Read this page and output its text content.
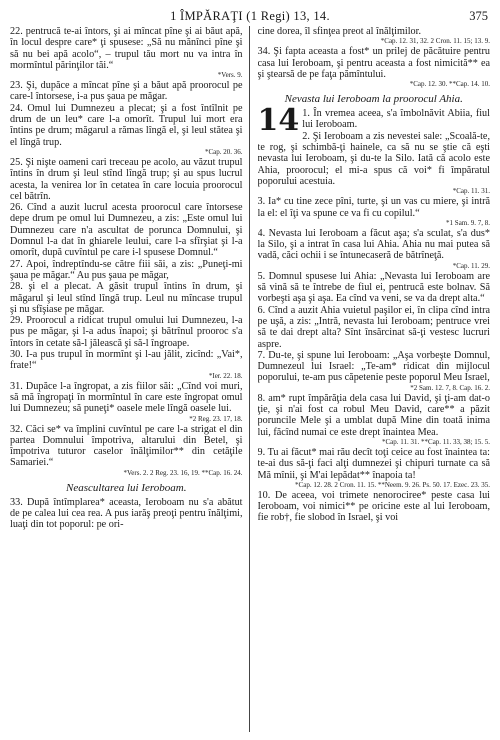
1 ÎMPĂRAŢI (1 Regi) 13, 14.	375

22. pentrucă te-ai întors, şi ai mîncat pîne şi ai băut apă, în locul despre care* ţi spusese: „Să nu mănînci pîne şi să nu bei apă acolo“, – trupul tău mort nu va intra în mormîntul părinţilor tăi.“
*Vers. 9.

23. Şi, dupăce a mîncat pîne şi a băut apă proorocul pe care-l întorsese, i-a pus şaua pe măgar.

24. Omul lui Dumnezeu a plecat; şi a fost întîlnit pe drum de un leu* care l-a omorît. Trupul lui mort era întins pe drum; măgarul a rămas lîngă el, şi leul stătea şi el lîngă trup.
*Cap. 20. 36.

25. Şi nişte oameni cari treceau pe acolo, au văzut trupul întins în drum şi leul stînd lîngă trup; şi au spus lucrul acesta, la venirea lor în cetatea în care locuia proorocul cel bătrîn.

26. Cînd a auzit lucrul acesta proorocul care întorsese depe drum pe omul lui Dumnezeu, a zis: „Este omul lui Dumnezeu care n'a ascultat de porunca Domnului, şi Domnul l-a dat în ghiarele leului, care l-a sfîrşiat şi l-a omorît, după cuvîntul pe care i-l spusese Domnul.“

27. Apoi, îndreptîndu-se către fiii săi, a zis: „Puneţi-mi şaua pe măgar.“ Au pus şaua pe măgar,

28. şi el a plecat. A găsit trupul întins în drum, şi măgarul şi leul stînd lîngă trup. Leul nu mîncase trupul şi nu sfîşiase pe măgar.

29. Proorocul a ridicat trupul omului lui Dumnezeu, l-a pus pe măgar, şi l-a adus înapoi; şi bătrînul prooroc s'a întors în cetate să-l jălească şi să-l îngroape.

30. I-a pus trupul în mormînt şi l-au jălit, zicînd: „Vai*, frate!“
*Ier. 22. 18.

31. Dupăce l-a îngropat, a zis fiilor săi: „Cînd voi muri, să mă îngropaţi în mormîntul în care este îngropat omul lui Dumnezeu; să puneţi* oasele mele lîngă oasele lui.
*2 Reg. 23. 17, 18.

32. Căci se* va împlini cuvîntul pe care l-a strigat el din partea Domnului împotriva, altarului din Betel, şi împotriva tuturor caselor înălţimilor** din cetăţile Samariei.“
*Vers. 2. 2 Reg. 23. 16, 19. **Cap. 16. 24.

Neascultarea lui Ieroboam.

33. După întîmplarea* aceasta, Ieroboam nu s'a abătut de pe calea lui cea rea. A pus iarăş preoţi pentru înălţimi, luaţi din tot poporul: pe ori-

cine dorea, îl sfinţea preot al înălţimilor.
*Cap. 12. 31, 32. 2 Cron. 11. 15; 13. 9.

34. Şi fapta aceasta a fost* un prilej de păcătuire pentru casa lui Ieroboam, şi pentru aceasta a fost nimicită** ea şi ştearsă de pe faţa pămîntului.
*Cap. 12. 30. **Cap. 14. 10.

Nevasta lui Ieroboam la proorocul Ahia.

14 1. În vremea aceea, s'a îmbolnăvit Abiia, fiul lui Ieroboam.

2. Şi Ieroboam a zis nevestei sale: „Scoală-te, te rog, şi schimbă-ţi hainele, ca să nu se ştie că eşti nevasta lui Ieroboam, şi du-te la Silo. Iată că acolo este Ahia, proorocul; el mi-a spus că voi* fi împăratul poporului acestuia.
*Cap. 11. 31.

3. Ia* cu tine zece pîni, turte, şi un vas cu miere, şi intră la el: el îţi va spune ce va fi cu copilul.“
*1 Sam. 9. 7, 8.

4. Nevasta lui Ieroboam a făcut aşa; s'a sculat, s'a dus* la Silo, şi a intrat în casa lui Ahia. Ahia nu mai putea să vadă, căci ochii i se întunecaseră de bătrîneţă.
*Cap. 11. 29.

5. Domnul spusese lui Ahia: „Nevasta lui Ieroboam are să vină să te întrebe de fiul ei, pentrucă este bolnav. Să vorbeşti aşa şi aşa. Ea cînd va veni, se va da drept alta.“

6. Cînd a auzit Ahia vuietul paşilor ei, în clipa cînd intra pe uşă, a zis: „Intră, nevasta lui Ieroboam; pentruce vrei să te dai drept alta? Sînt însărcinat să-ţi vestesc lucruri aspre.

7. Du-te, şi spune lui Ieroboam: „Aşa vorbeşte Domnul, Dumnezeul lui Israel: „Te-am* ridicat din mijlocul poporului, te-am pus căpetenie peste poporul Meu Israel,
*2 Sam. 12. 7, 8. Cap. 16. 2.

8. am* rupt împărăţia dela casa lui David, şi ţi-am dat-o ţie, şi n'ai fost ca robul Meu David, care** a păzit poruncile Mele şi a umblat după Mine din toată inima lui, făcînd numai ce este drept înaintea Mea.
*Cap. 11. 31. **Cap. 11. 33, 38; 15. 5.

9. Tu ai făcut* mai rău decît toţi ceice au fost înaintea ta: te-ai dus să-ţi faci alţi dumnezei şi chipuri turnate ca să Mă mînii, şi M'ai lepădat** înapoia ta!
*Cap. 12. 28. 2 Cron. 11. 15. **Neem. 9. 26. Ps. 50. 17. Ezec. 23. 35.

10. De aceea, voi trimete nenorociree* peste casa lui Ieroboam, voi nimici** pe oricine este al lui Ieroboam, fie rob†, fie slobod în Israel, şi voi
